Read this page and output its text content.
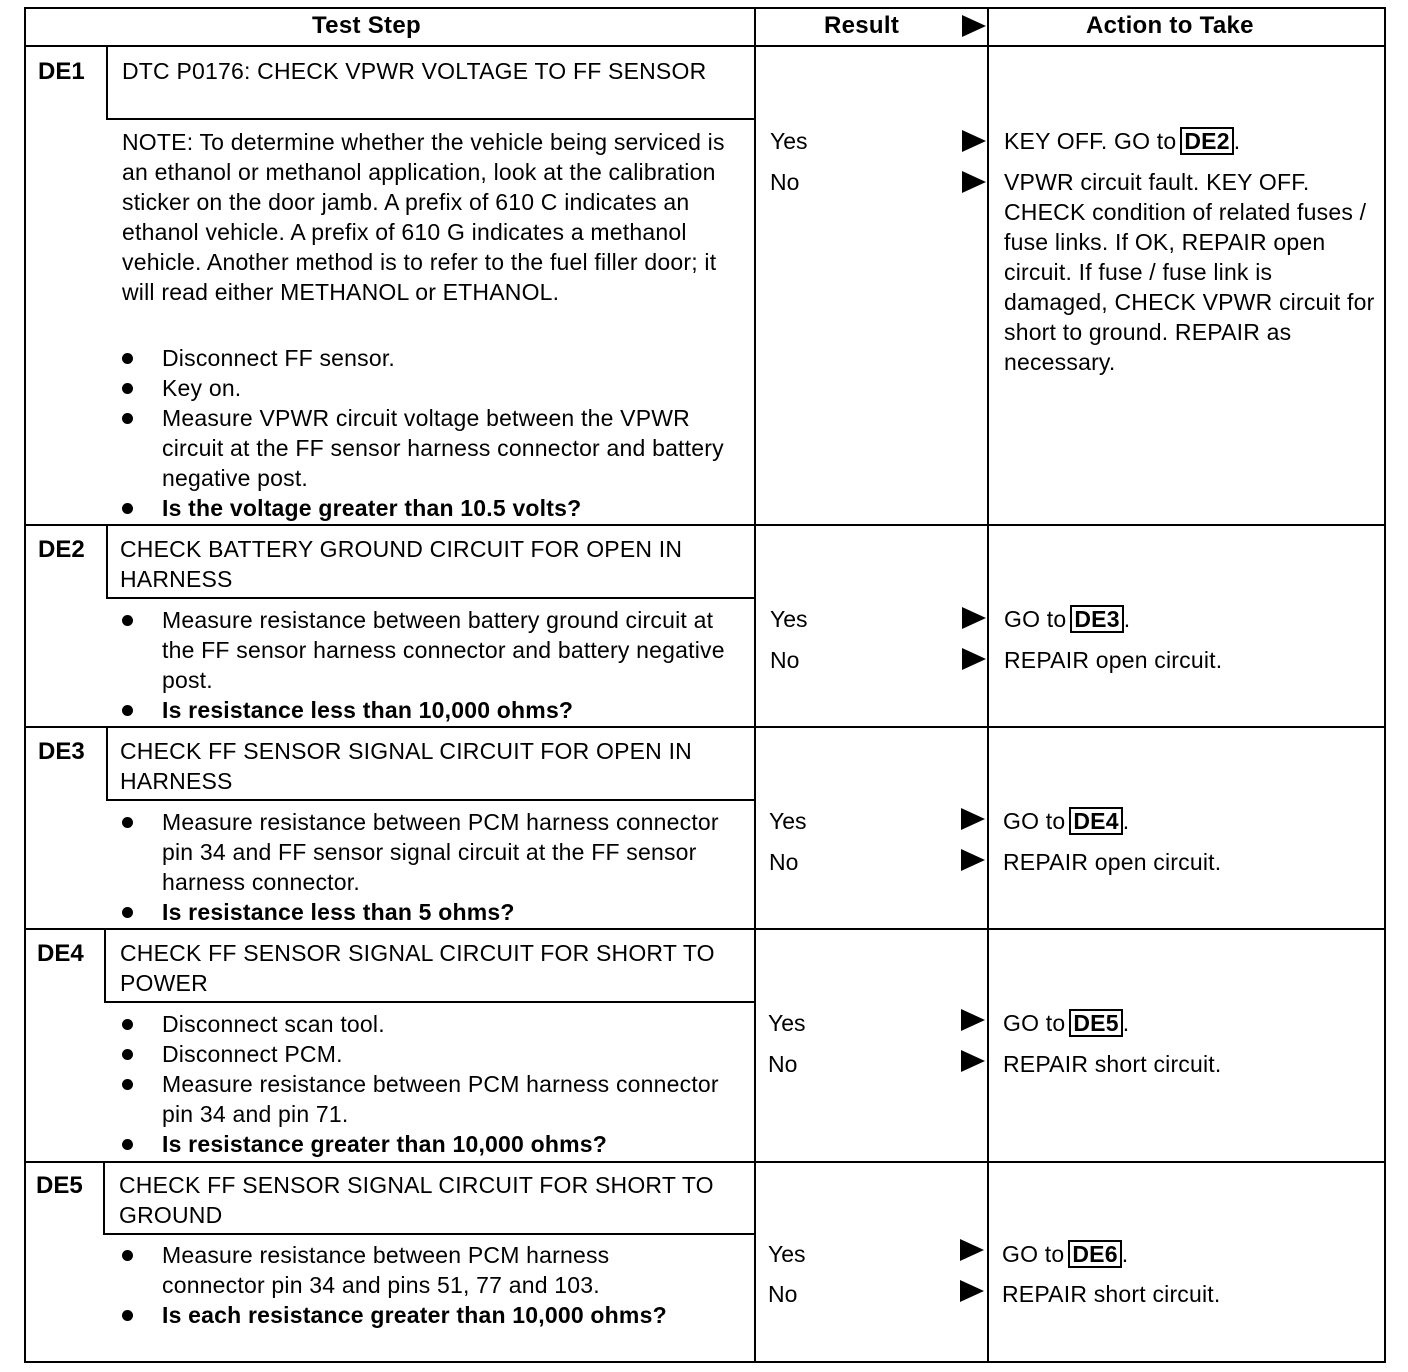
Test Step	Result	Action to Take
DE1 DTC P0176: CHECK VPWR VOLTAGE TO FF SENSOR
NOTE: To determine whether the vehicle being serviced is an ethanol or methanol application, look at the calibration sticker on the door jamb. A prefix of 610 C indicates an ethanol vehicle. A prefix of 610 G indicates a methanol vehicle. Another method is to refer to the fuel filler door; it will read either METHANOL or ETHANOL.
Disconnect FF sensor.
Key on.
Measure VPWR circuit voltage between the VPWR circuit at the FF sensor harness connector and battery negative post.
Is the voltage greater than 10.5 volts?
Yes
No
KEY OFF. GO to DE2 .
VPWR circuit fault. KEY OFF. CHECK condition of related fuses / fuse links. If OK, REPAIR open circuit. If fuse / fuse link is damaged, CHECK VPWR circuit for short to ground. REPAIR as necessary.
DE2 CHECK BATTERY GROUND CIRCUIT FOR OPEN IN HARNESS
Measure resistance between battery ground circuit at the FF sensor harness connector and battery negative post.
Is resistance less than 10,000 ohms?
Yes
No
GO to DE3 .
REPAIR open circuit.
DE3 CHECK FF SENSOR SIGNAL CIRCUIT FOR OPEN IN HARNESS
Measure resistance between PCM harness connector pin 34 and FF sensor signal circuit at the FF sensor harness connector.
Is resistance less than 5 ohms?
Yes
No
GO to DE4 .
REPAIR open circuit.
DE4 CHECK FF SENSOR SIGNAL CIRCUIT FOR SHORT TO POWER
Disconnect scan tool.
Disconnect PCM.
Measure resistance between PCM harness connector pin 34 and pin 71.
Is resistance greater than 10,000 ohms?
Yes
No
GO to DE5 .
REPAIR short circuit.
DE5 CHECK FF SENSOR SIGNAL CIRCUIT FOR SHORT TO GROUND
Measure resistance between PCM harness connector pin 34 and pins 51, 77 and 103.
Is each resistance greater than 10,000 ohms?
Yes
No
GO to DE6 .
REPAIR short circuit.
